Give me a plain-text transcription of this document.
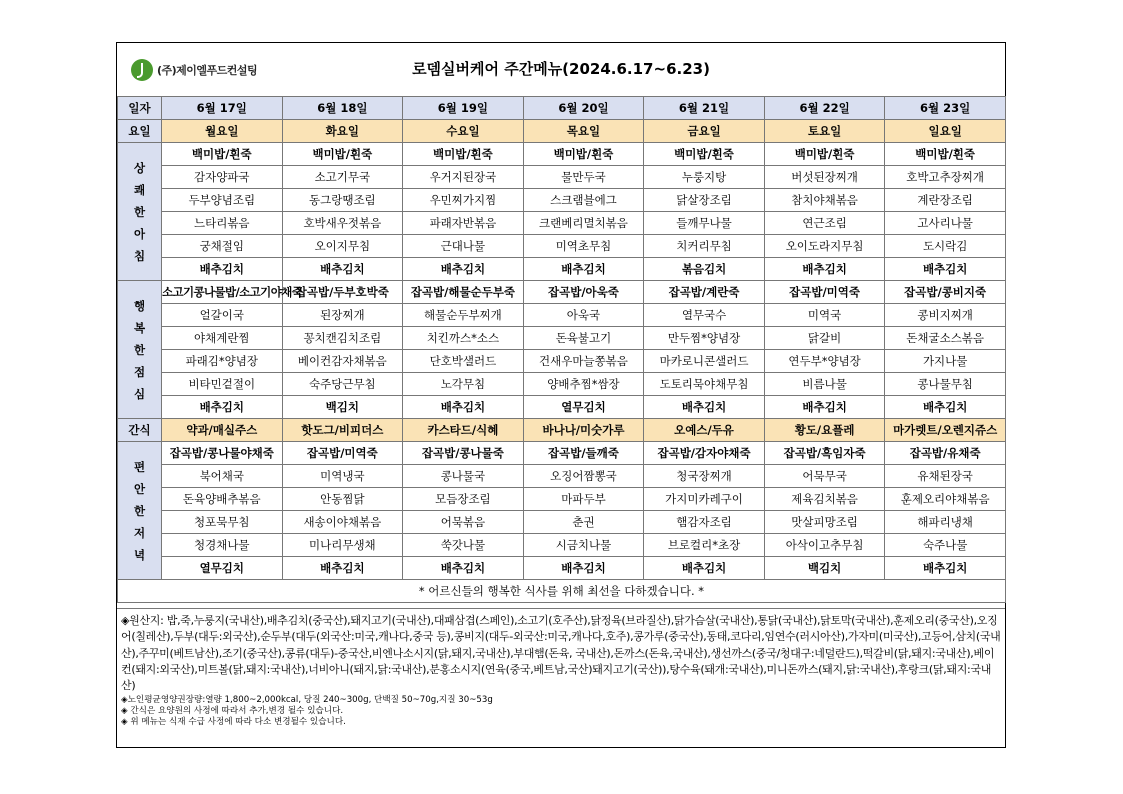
(주)제이엘푸드컨설팅	로뎀실버케어 주간메뉴(2024.6.17~6.23)
일자	6월 17일	6월 18일	6월 19일	6월 20일	6월 21일	6월 22일	6월 23일
요일	월요일	화요일	수요일	목요일	금요일	토요일	일요일

상
쾌
한
아
침	백미밥/흰죽	백미밥/흰죽	백미밥/흰죽	백미밥/흰죽	백미밥/흰죽	백미밥/흰죽	백미밥/흰죽
	감자양파국	소고기무국	우거지된장국	물만두국	누룽지탕	버섯된장찌개	호박고추장찌개
	두부양념조림	동그랑땡조림	우민찌가지찜	스크램블에그	닭살장조림	참치야채볶음	계란장조림
	느타리볶음	호박새우젓볶음	파래자반볶음	크랜베리멸치볶음	들깨무나물	연근조림	고사리나물
	궁채절임	오이지무침	근대나물	미역초무침	치커리무침	오이도라지무침	도시락김
	배추김치	배추김치	배추김치	배추김치	볶음김치	배추김치	배추김치

행
복
한
점
심	소고기콩나물밥/소고기야채죽	잡곡밥/두부호박죽	잡곡밥/해물순두부죽	잡곡밥/아욱죽	잡곡밥/계란죽	잡곡밥/미역죽	잡곡밥/콩비지죽
	얼갈이국	된장찌개	해물순두부찌개	아욱국	열무국수	미역국	콩비지찌개
	야채계란찜	꽁치캔김치조림	치킨까스*소스	돈육불고기	만두찜*양념장	닭갈비	돈채굴소스볶음
	파래김*양념장	베이컨감자채볶음	단호박샐러드	건새우마늘쫑볶음	마카로니콘샐러드	연두부*양념장	가지나물
	비타민겉절이	숙주당근무침	노각무침	양배추찜*쌈장	도토리묵야채무침	비름나물	콩나물무침
	배추김치	백김치	배추김치	열무김치	배추김치	배추김치	배추김치
간식	약과/매실주스	핫도그/비피더스	카스타드/식혜	바나나/미숫가루	오예스/두유	황도/요플레	마가렛트/오렌지쥬스

편
안
한
저
녁	잡곡밥/콩나물야채죽	잡곡밥/미역죽	잡곡밥/콩나물죽	잡곡밥/들깨죽	잡곡밥/감자야채죽	잡곡밥/흑임자죽	잡곡밥/유채죽
	북어채국	미역냉국	콩나물국	오징어짬뽕국	청국장찌개	어묵무국	유채된장국
	돈육양배추볶음	안동찜닭	모듬장조림	마파두부	가지미카레구이	제육김치볶음	훈제오리야채볶음
	청포묵무침	새송이야채볶음	어묵볶음	춘권	햄감자조림	맛살피망조림	해파리냉채
	청경채나물	미나리무생채	쑥갓나물	시금치나물	브로컬리*초장	아삭이고추무침	숙주나물
	열무김치	배추김치	배추김치	배추김치	배추김치	백김치	배추김치
* 어르신들의 행복한 식사를 위해 최선을 다하겠습니다. *							
◈원산지: 밥,죽,누룽지(국내산),배추김치(중국산),돼지고기(국내산),대패삼겹(스페인),소고기(호주산),닭정육(브라질산),닭가슴살(국내산),통닭(국내산),닭토막(국내산),훈제오리(중국산),오징어(칠레산),두부(대두:외국산),순두부(대두(외국산:미국,캐나다,중국 등),콩비지(대두-외국산:미국,캐나다,호주),콩가루(중국산),동태,코다리,임연수(러시아산),가자미(미국산),고등어,삼치(국내산),주꾸미(베트남산),조기(중국산),콩류(대두)-중국산,비엔나소시지(닭,돼지,국내산),부대햄(돈육, 국내산),돈까스(돈육,국내산),생선까스(중국/청대구:네덜란드),떡갈비(닭,돼지:국내산),베이컨(돼지:외국산),미트볼(닭,돼지:국내산),너비아니(돼지,닭:국내산),분홍소시지(연육(중국,베트남,국산)돼지고기(국산)),탕수육(돼개:국내산),미니돈까스(돼지,닭:국내산),후랑크(닭,돼지:국내산)
◈노인평균영양권장량:열량 1,800~2,000kcal, 당질 240~300g, 단백질 50~70g,지질 30~53g
◈ 간식은 요양원의 사정에 따라서 추가,변경 될수 있습니다.
◈ 위 메뉴는 식재 수급 사정에 따라 다소 변경될수 있습니다.
